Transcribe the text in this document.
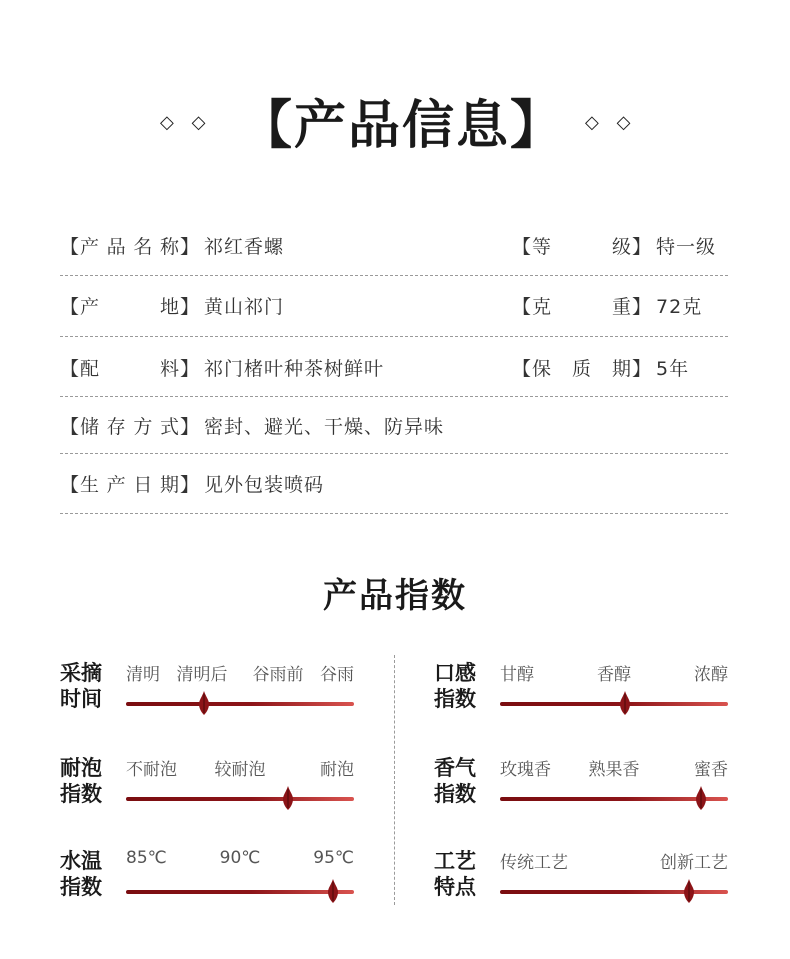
◇ ◇ 【产品信息】 ◇ ◇
【 产 品 名 称 】 祁红香螺	【 等	级 】 特一级
【 产	地 】 黄山祁门	【 克	重 】 72克
【 配	料 】 祁门楮叶种茶树鲜叶	【 保 质 期 】 5年
【 储 存 方 式 】 密封、避光、干燥、防异味
【 生 产 日 期 】 见外包装喷码
产品指数
采摘
时间
清明 清明后 谷雨前 谷雨
耐泡
指数
不耐泡 较耐泡	耐泡
水温
指数
85℃	90℃	95℃
口感
指数
甘醇	香醇	浓醇
香气
指数
玫瑰香 熟果香	蜜香
工艺
特点
传统工艺	创新工艺
